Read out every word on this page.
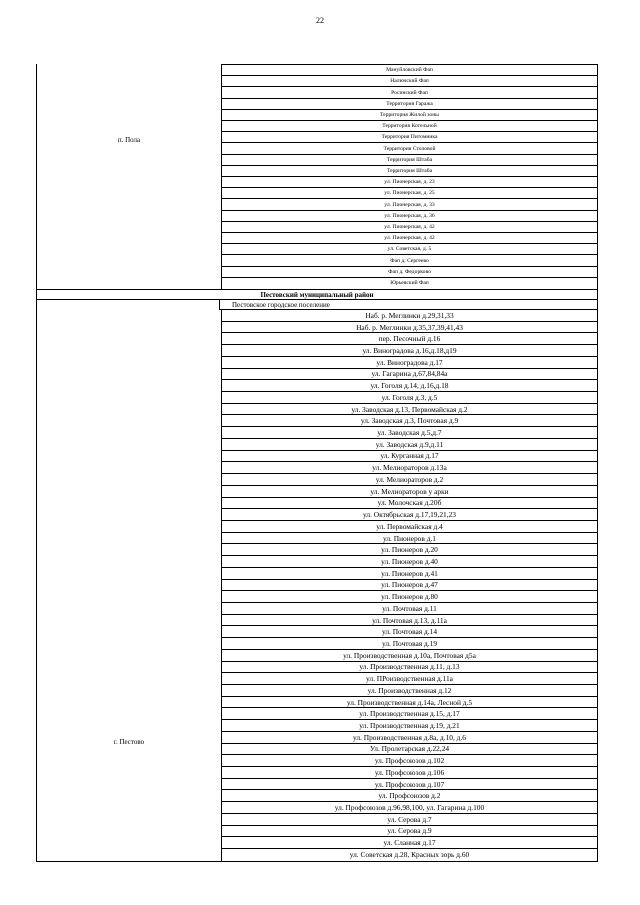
22
п. Пола
Мануйловский Фап
Налючский Фап
Росинский Фап
Территория Гаража
Территория Жилой зоны
Территория Котельной
Территория Питомника
Территория Столовой
Территория Штаба
Территория Штаба
ул. Пионерская, д. 23
ул. Пионерская, д. 25
ул. Пионерская, д. 33
ул. Пионерская, д. 36
ул. Пионерская, д. 42
ул. Пионерская, д. 42
ул. Советская, д. 5
Фап д. Сергеево
Фап д. Федорково
Юрьевский Фап
Пестовский муниципальный район
Пестовское городское поселение
г. Пестово
Наб. р. Меглинки д.29,31,33
Наб. р. Меглинки д.35,37,39,41,43
пер. Песочный д.16
ул. Виноградова д.16,д.18,д19
ул. Виноградова д.17
ул. Гагарина д.67,84,84а
ул. Гоголя д.14, д.16,д.18
ул. Гоголя д.3, д.5
ул. Заводская д.13, Первомайская д.2
ул. Заводская д.3, Почтовая д.9
ул. Заводская д.5,д.7
ул. Заводская д.9,д.11
ул. Курганная д.17
ул. Мелиораторов д.13а
ул. Мелиораторов д.2
ул. Мелиораторов у арки
ул. Молочская д.20б
ул. Октябрьская д.17,19,21,23
ул. Первомайская д.4
ул. Пионеров д.1
ул. Пионеров д.20
ул. Пионеров д.40
ул. Пионеров д.41
ул. Пионеров д.47
ул. Пионеров д.80
ул. Почтовая д.11
ул. Почтовая д.13, д.11а
ул. Почтовая д.14
ул. Почтовая д.19
ул. Производственная д.10а, Почтовая д5а
ул. Производственная д.11, д.13
ул. ПРоизводственная д.11а
ул. Производственная д.12
ул. Производственная д.14а, Лесной д.5
ул. Производственная д.15, д.17
ул. Производственная д.19, д.21
ул. Производственная д.8а, д.10, д.6
Ул. Пролетарская д.22,24
ул. Профсоюзов д.102
ул. Профсоюзов д.106
ул. Профсоюзов д.107
ул. Профсоюзов д.2
ул. Профсоюзов д.96,98,100, ул. Гагарина д.100
ул. Серова д.7
ул. Серова д.9
ул. Сланная д.17
ул. Советская д.28, Красных зорь д.60
